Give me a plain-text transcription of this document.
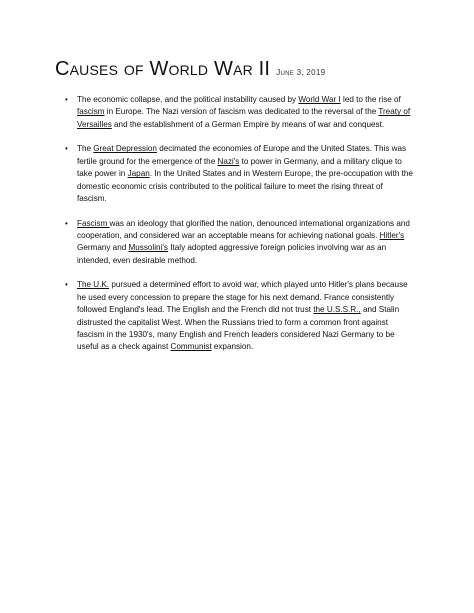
Causes of World War II June 3, 2019
• The economic collapse, and the political instability caused by World War I led to the rise of fascism in Europe. The Nazi version of fascism was dedicated to the reversal of the Treaty of Versailles and the establishment of a German Empire by means of war and conquest.
• The Great Depression decimated the economies of Europe and the United States. This was fertile ground for the emergence of the Nazi's to power in Germany, and a military clique to take power in Japan. In the United States and in Western Europe, the pre-occupation with the domestic economic crisis contributed to the political failure to meet the rising threat of fascism.
• Fascism was an ideology that glorified the nation, denounced international organizations and cooperation, and considered war an acceptable means for achieving national goals. Hitler's Germany and Mussolini's Italy adopted aggressive foreign policies involving war as an intended, even desirable method.
• The U.K. pursued a determined effort to avoid war, which played unto Hitler's plans because he used every concession to prepare the stage for his next demand. France consistently followed England's lead. The English and the French did not trust the U.S.S.R., and Stalin distrusted the capitalist West. When the Russians tried to form a common front against fascism in the 1930's, many English and French leaders considered Nazi Germany to be useful as a check against Communist expansion.
